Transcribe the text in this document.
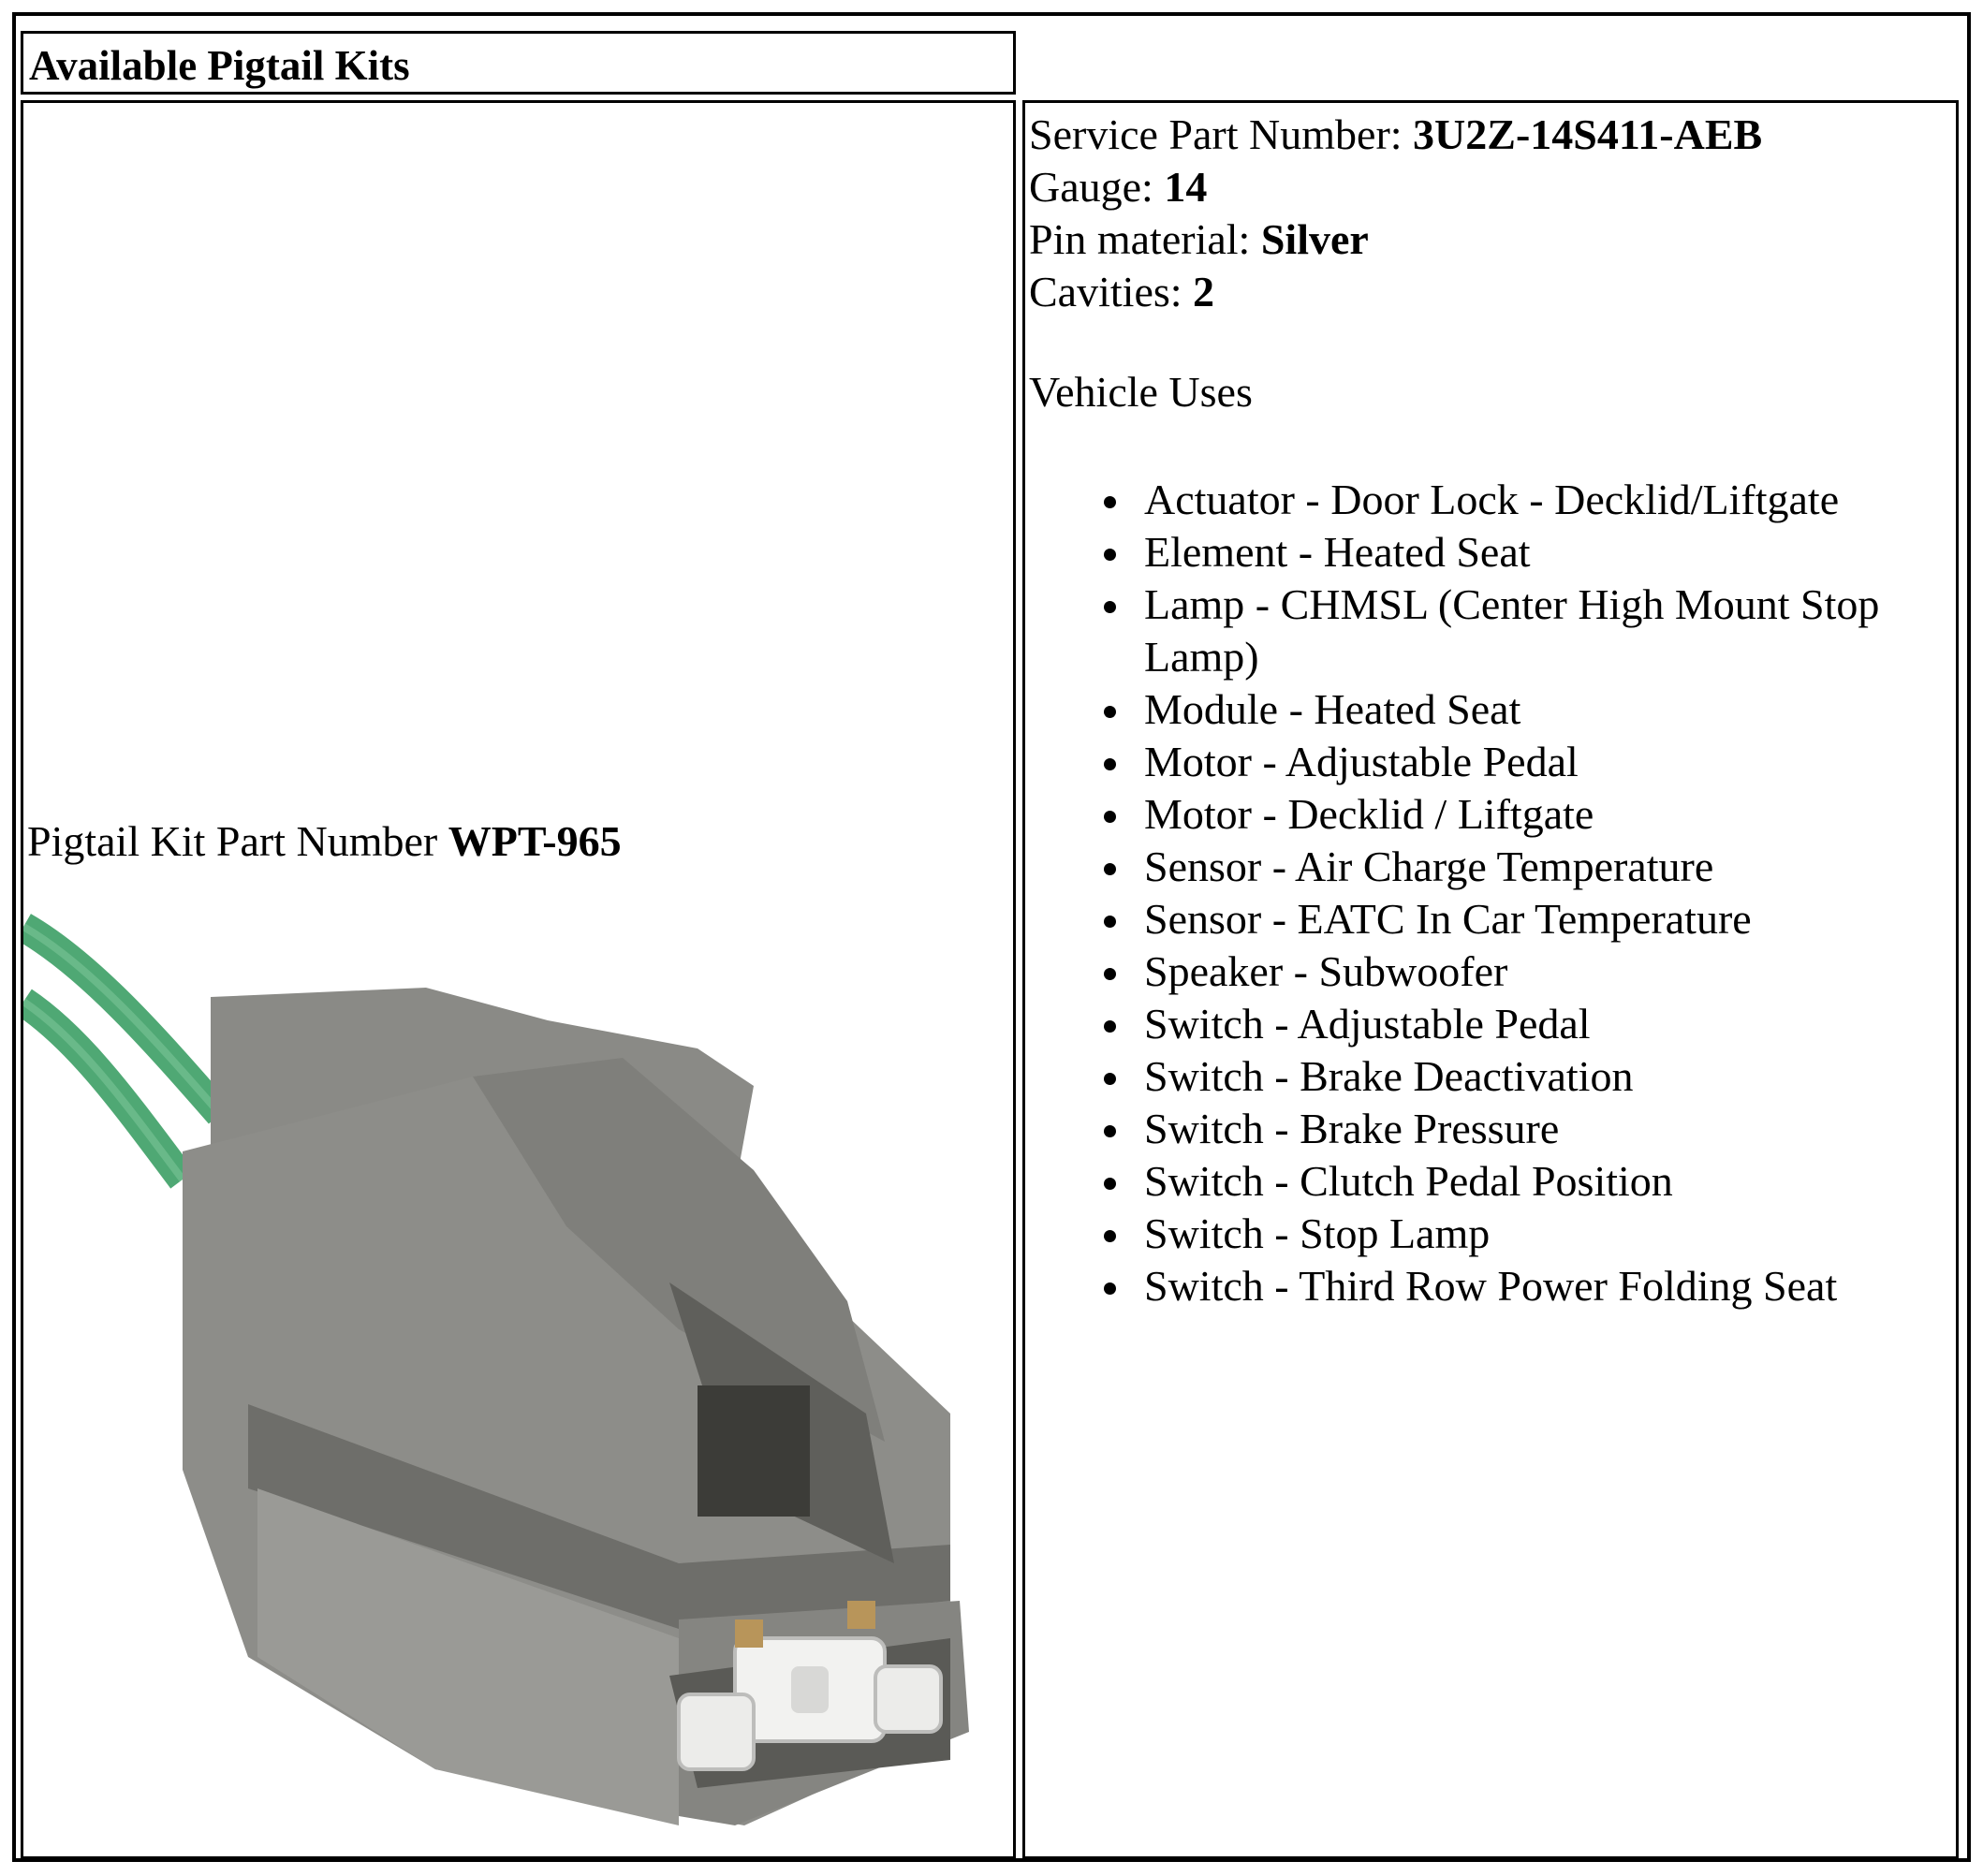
Available Pigtail Kits
Pigtail Kit Part Number WPT-965
Service Part Number: 3U2Z-14S411-AEB
Gauge: 14
Pin material: Silver
Cavities: 2
Vehicle Uses
Actuator - Door Lock - Decklid/Liftgate
Element - Heated Seat
Lamp - CHMSL (Center High Mount Stop Lamp)
Module - Heated Seat
Motor - Adjustable Pedal
Motor - Decklid / Liftgate
Sensor - Air Charge Temperature
Sensor - EATC In Car Temperature
Speaker - Subwoofer
Switch - Adjustable Pedal
Switch - Brake Deactivation
Switch - Brake Pressure
Switch - Clutch Pedal Position
Switch - Stop Lamp
Switch - Third Row Power Folding Seat
